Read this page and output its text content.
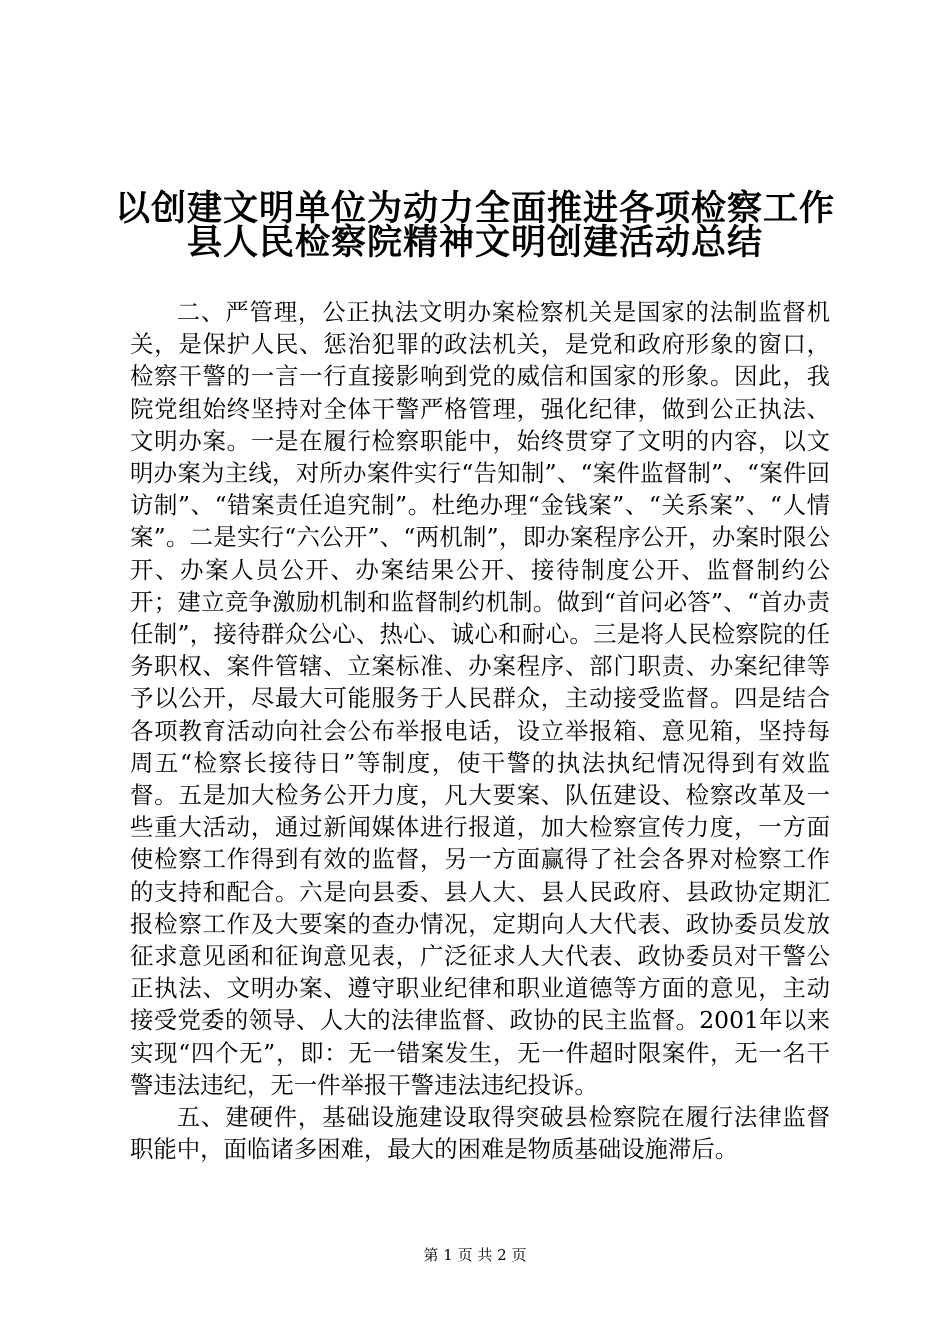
以创建文明单位为动力全面推进各项检察工作
县人民检察院精神文明创建活动总结

二、严管理，公正执法文明办案检察机关是国家的法制监督机关，是保护人民、惩治犯罪的政法机关，是党和政府形象的窗口，检察干警的一言一行直接影响到党的威信和国家的形象。因此，我院党组始终坚持对全体干警严格管理，强化纪律，做到公正执法、文明办案。一是在履行检察职能中，始终贯穿了文明的内容，以文明办案为主线，对所办案件实行“告知制”、“案件监督制”、“案件回访制”、“错案责任追究制”。杜绝办理“金钱案”、“关系案”、“人情案”。二是实行“六公开”、“两机制”，即办案程序公开，办案时限公开、办案人员公开、办案结果公开、接待制度公开、监督制约公开；建立竞争激励机制和监督制约机制。做到“首问必答”、“首办责任制”，接待群众公心、热心、诚心和耐心。三是将人民检察院的任务职权、案件管辖、立案标准、办案程序、部门职责、办案纪律等予以公开，尽最大可能服务于人民群众，主动接受监督。四是结合各项教育活动向社会公布举报电话，设立举报箱、意见箱，坚持每周五“检察长接待日”等制度，使干警的执法执纪情况得到有效监督。五是加大检务公开力度，凡大要案、队伍建设、检察改革及一些重大活动，通过新闻媒体进行报道，加大检察宣传力度，一方面使检察工作得到有效的监督，另一方面赢得了社会各界对检察工作的支持和配合。六是向县委、县人大、县人民政府、县政协定期汇报检察工作及大要案的查办情况，定期向人大代表、政协委员发放征求意见函和征询意见表，广泛征求人大代表、政协委员对干警公正执法、文明办案、遵守职业纪律和职业道德等方面的意见，主动接受党委的领导、人大的法律监督、政协的民主监督。2001年以来实现“四个无”，即：无一错案发生，无一件超时限案件，无一名干警违法违纪，无一件举报干警违法违纪投诉。

五、建硬件，基础设施建设取得突破县检察院在履行法律监督职能中，面临诸多困难，最大的困难是物质基础设施滞后。

第 1 页 共 2 页
